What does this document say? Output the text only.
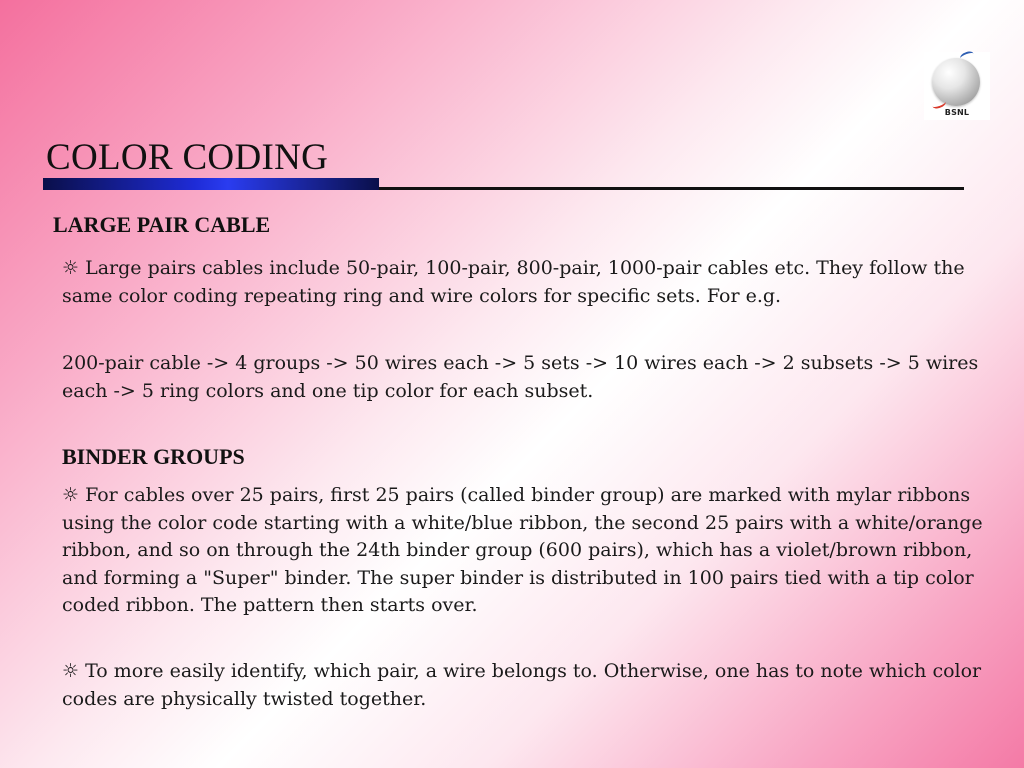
BSNL
COLOR CODING
LARGE PAIR CABLE
☼ Large pairs cables include 50-pair, 100-pair, 800-pair, 1000-pair cables etc. They follow the same color coding repeating ring and wire colors for specific sets. For e.g.
200-pair cable -> 4 groups -> 50 wires each -> 5 sets -> 10 wires each -> 2 subsets -> 5 wires each -> 5 ring colors and one tip color for each subset.
BINDER GROUPS
☼ For cables over 25 pairs, first 25 pairs (called binder group) are marked with mylar ribbons using the color code starting with a white/blue ribbon, the second 25 pairs with a white/orange ribbon, and so on through the 24th binder group (600 pairs), which has a violet/brown ribbon, and forming a "Super" binder. The super binder is distributed in 100 pairs tied with a tip color coded ribbon. The pattern then starts over.
☼ To more easily identify, which pair, a wire belongs to. Otherwise, one has to note which color codes are physically twisted together.
